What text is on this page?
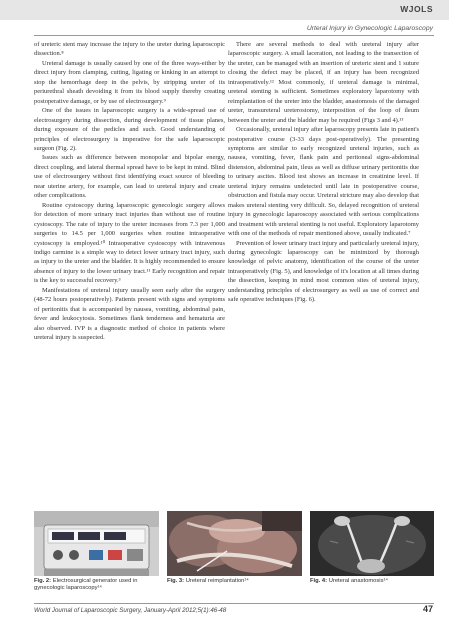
WJOLS
Urteral Injury in Gynecologic Laparoscopy

of ureteric stent may increase the injury to the ureter during laparoscopic dissection.⁸

Ureteral damage is usually caused by one of the three ways-either by direct injury from clamping, cutting, ligating or kinking in an attempt to stop the hemorrhage deep in the pelvis, by stripping ureter of its periurethral sheath devoiding it from its blood supply thereby creating postoperative damage, or by use of electrosurgery.⁹

One of the issues in laparoscopic surgery is a wide-spread use of electrosurgery during dissection, during development of tissue planes, during exposure of the pedicles and such. Good understanding of principles of electrosurgery is imperative for the safe laparoscopic surgeon (Fig. 2).

Issues such as difference between monopolar and bipolar energy, direct coupling, and lateral thermal spread have to be kept in mind. Blind use of electrosurgery without first identifying exact source of bleeding near uterine artery, for example, can lead to ureteral injury and create other complications.

Routine cystoscopy during laparoscopic gynecologic surgery allows for detection of more urinary tract injuries than without use of routine cystoscopy. The rate of injury to the ureter increases from 7.3 per 1,000 surgeries to 14.5 per 1,000 surgeries when routine intraoperative cystoscopy is employed.¹⁰ Intraoperative cystoscopy with intravenous indigo carmine is a simple way to detect lower urinary tract injury, such as injury to the ureter and the bladder. It is highly recommended to ensure absence of injury to the lower urinary tract.¹¹ Early recognition and repair is the key to successful recovery.³

Manifestations of ureteral injury usually seen early after the surgery (48-72 hours postoperatively). Patients present with signs and symptoms of peritonitis that is accompanied by nausea, vomiting, abdominal pain, fever and leukocytosis. Sometimes flank tenderness and hematuria are also observed. IVP is a diagnostic method of choice in patients where ureteral injury is suspected.

There are several methods to deal with ureteral injury after laparoscopic surgery. A small laceration, not leading to the transection of the ureter, can be managed with an insertion of ureteric stent and 1 suture closing the defect may be placed, if an injury has been recognized intraoperatively.¹² Most commonly, if ureteral damage is minimal, ureteral stenting is sufficient. Sometimes exploratory laparotomy with reimplantation of the ureter into the bladder, anastomosis of the damaged ureter, transureteral ureterostomy, interposition of the loop of ileum between the ureter and the bladder may be required (Figs 3 and 4).¹³

Occasionally, ureteral injury after laparoscopy presents late in patient's postoperative course (3-33 days post-operatively). The presenting symptoms are similar to early recognized ureteral injuries, such as nausea, vomiting, fever, flank pain and peritoneal signs-abdominal distension, abdominal pain, ileus as well as diffuse urinary peritonitis due to urinary ascites. Blood test shows an increase in creatinine level. If ureteral injury remains undetected until late in postoperative course, obstruction and fistula may occur. Ureteral stricture may also develop that makes ureteral stenting very difficult. So, delayed recognition of ureteral injury in gynecologic laparoscopy associated with serious complications and treatment with ureteral stenting is not useful. Exploratory laparotomy with one of the methods of repair mentioned above, usually indicated.⁷

Prevention of lower urinary tract injury and particularly ureteral injury, during gynecologic laparoscopy can be minimized by thorough knowledge of pelvic anatomy, identification of the course of the ureter intraoperatively (Fig. 5), and knowledge of it's location at all times during the dissection, keeping in mind most common sites of ureteral injury, understanding principles of electrosurgery as well as use of correct and safe operative techniques (Fig. 6).

Fig. 2: Electrosurgical generator used in gynecologic laparoscopy¹⁴
Fig. 3: Ureteral reimplantation¹⁴	Fig. 4: Ureteral anastomosis¹⁴
World Journal of Laparoscopic Surgery, January-April 2012;5(1):46-48	47
